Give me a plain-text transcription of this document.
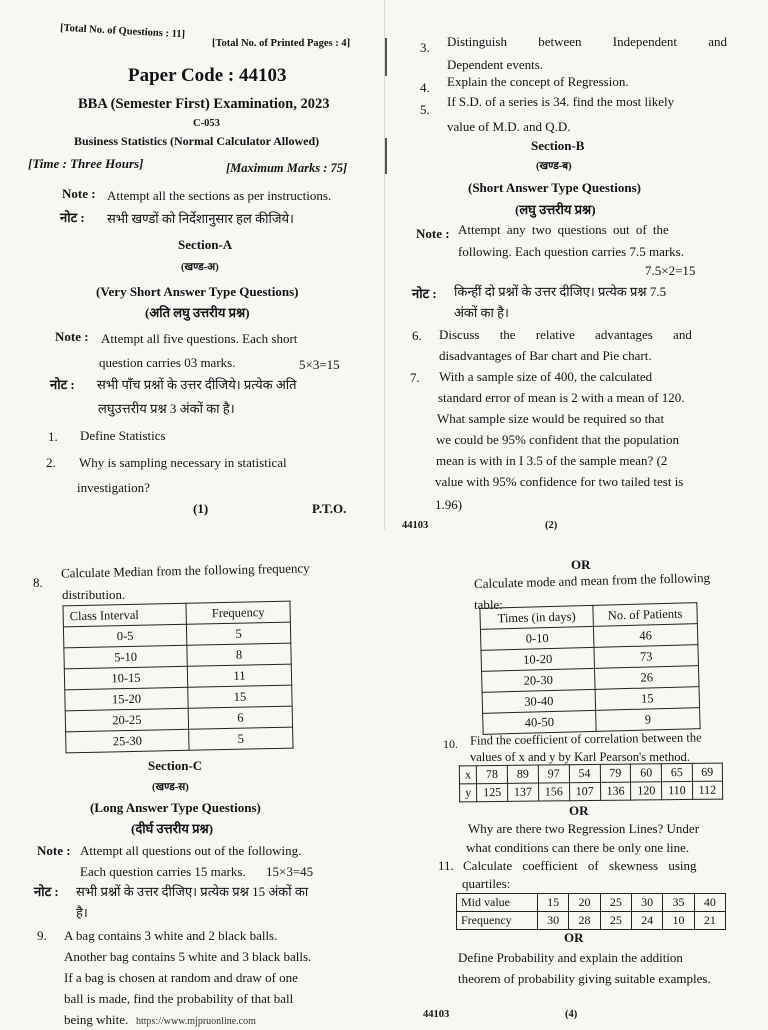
[Total No. of Questions : 11]
[Total No. of Printed Pages : 4]
Paper Code : 44103
BBA (Semester First) Examination, 2023
C-053
Business Statistics (Normal Calculator Allowed)
[Time : Three Hours]	[Maximum Marks : 75]
Note : Attempt all the sections as per instructions.
नोट : सभी खण्डों को निर्देशानुसार हल कीजिये।
Section-A
(खण्ड-अ)
(Very Short Answer Type Questions)
(अति लघु उत्तरीय प्रश्न)
Note : Attempt all five questions. Each short
question carries 03 marks.	5×3=15
नोट : सभी पाँच प्रश्नों के उत्तर दीजिये। प्रत्येक अति
लघुउत्तरीय प्रश्न 3 अंकों का है।
1. Define Statistics
2. Why is sampling necessary in statistical
investigation?
(1)	P.T.O.
3. Distinguish between Independent and
Dependent events.
4. Explain the concept of Regression.
5.
If S.D. of a series is 34. find the most likely
value of M.D. and Q.D.
Section-B
(खण्ड-ब)
(Short Answer Type Questions)
(लघु उत्तरीय प्रश्न)
Note : Attempt any two questions out of the
following. Each question carries 7.5 marks.
7.5×2=15
नोट : किन्हीं दो प्रश्नों के उत्तर दीजिए। प्रत्येक प्रश्न 7.5
अंकों का है।
6. Discuss the relative advantages and
disadvantages of Bar chart and Pie chart.
7. With a sample size of 400, the calculated
standard error of mean is 2 with a mean of 120.
What sample size would be required so that
we could be 95% confident that the population
mean is with in I 3.5 of the sample mean? (2
value with 95% confidence for two tailed test is
1.96)
44103	(2)
8.
Calculate Median from the following frequency
distribution.
Class Interval	Frequency
0-5	5
5-10	8
10-15	11
15-20	15
20-25	6
25-30	5
Section-C
(खण्ड-स)
(Long Answer Type Questions)
(दीर्घ उत्तरीय प्रश्न)
Note : Attempt all questions out of the following.
Each question carries 15 marks. 15×3=45
नोट : सभी प्रश्नों के उत्तर दीजिए। प्रत्येक प्रश्न 15 अंकों का
है।
9. A bag contains 3 white and 2 black balls.
Another bag contains 5 white and 3 black balls.
If a bag is chosen at random and draw of one
ball is made, find the probability of that ball
being white. https://www.mjpruonline.com
OR
Calculate mode and mean from the following
table:
Times (in days)	No. of Patients
0-10	46
10-20	73
20-30	26
30-40	15
40-50	9
10. Find the coefficient of correlation between the
values of x and y by Karl Pearson's method.
x	78	89	97	54	79	60	65	69
y	125	137	156	107	136	120	110	112
OR
Why are there two Regression Lines? Under
what conditions can there be only one line.
11. Calculate coefficient of skewness using
quartiles:
Mid value	15	20	25	30	35	40
Frequency	30	28	25	24	10	21
OR
Define Probability and explain the addition
theorem of probability giving suitable examples.
44103	(4)
